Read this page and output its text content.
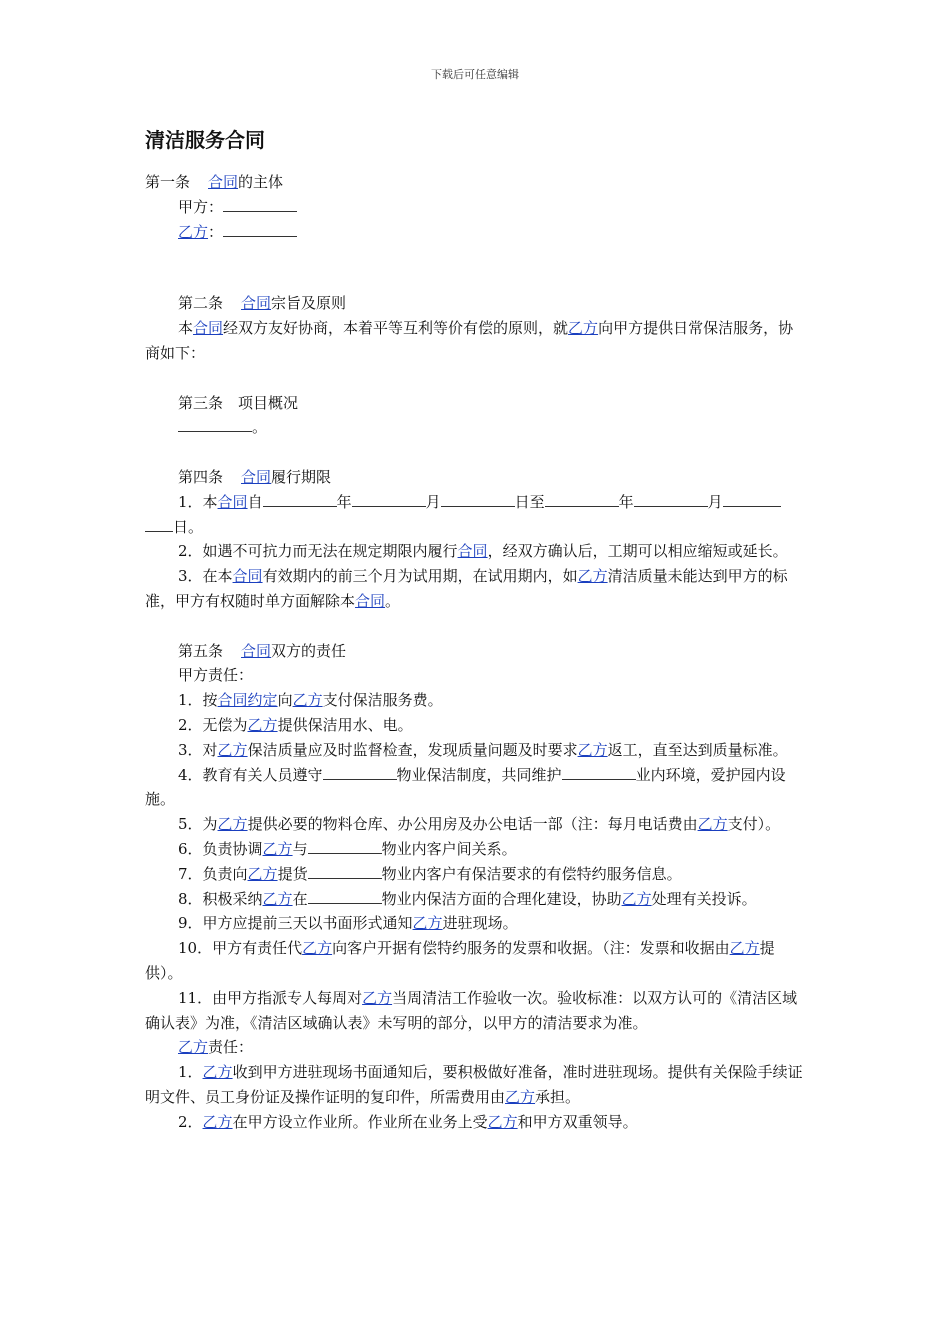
下载后可任意编辑
清洁服务合同

第一条 合同的主体

甲方：

乙方：

第二条 合同宗旨及原则

本合同经双方友好协商，本着平等互利等价有偿的原则，就乙方向甲方提供日常保洁服务，协商如下：

第三条　项目概况

。

第四条 合同履行期限

1．本合同自	年	月	日至	年	月日。

2．如遇不可抗力而无法在规定期限内履行合同，经双方确认后，工期可以相应缩短或延长。

3．在本合同有效期内的前三个月为试用期，在试用期内，如乙方清洁质量未能达到甲方的标准，甲方有权随时单方面解除本合同。

第五条 合同双方的责任

甲方责任：

1．按合同约定向乙方支付保洁服务费。

2．无偿为乙方提供保洁用水、电。

3．对乙方保洁质量应及时监督检查，发现质量问题及时要求乙方返工，直至达到质量标准。

4．教育有关人员遵守	物业保洁制度，共同维护	业内环境，爱护园内设施。

5．为乙方提供必要的物料仓库、办公用房及办公电话一部（注：每月电话费由乙方支付）。

6．负责协调乙方与	物业内客户间关系。

7．负责向乙方提货	物业内客户有保洁要求的有偿特约服务信息。

8．积极采纳乙方在	物业内保洁方面的合理化建设，协助乙方处理有关投诉。

9．甲方应提前三天以书面形式通知乙方进驻现场。

10．甲方有责任代乙方向客户开据有偿特约服务的发票和收据。（注：发票和收据由乙方提供）。

11．由甲方指派专人每周对乙方当周清洁工作验收一次。验收标准：以双方认可的《清洁区域确认表》为准，《清洁区域确认表》未写明的部分，以甲方的清洁要求为准。

乙方责任：

1．乙方收到甲方进驻现场书面通知后，要积极做好准备，准时进驻现场。提供有关保险手续证明文件、员工身份证及操作证明的复印件，所需费用由乙方承担。

2．乙方在甲方设立作业所。作业所在业务上受乙方和甲方双重领导。
